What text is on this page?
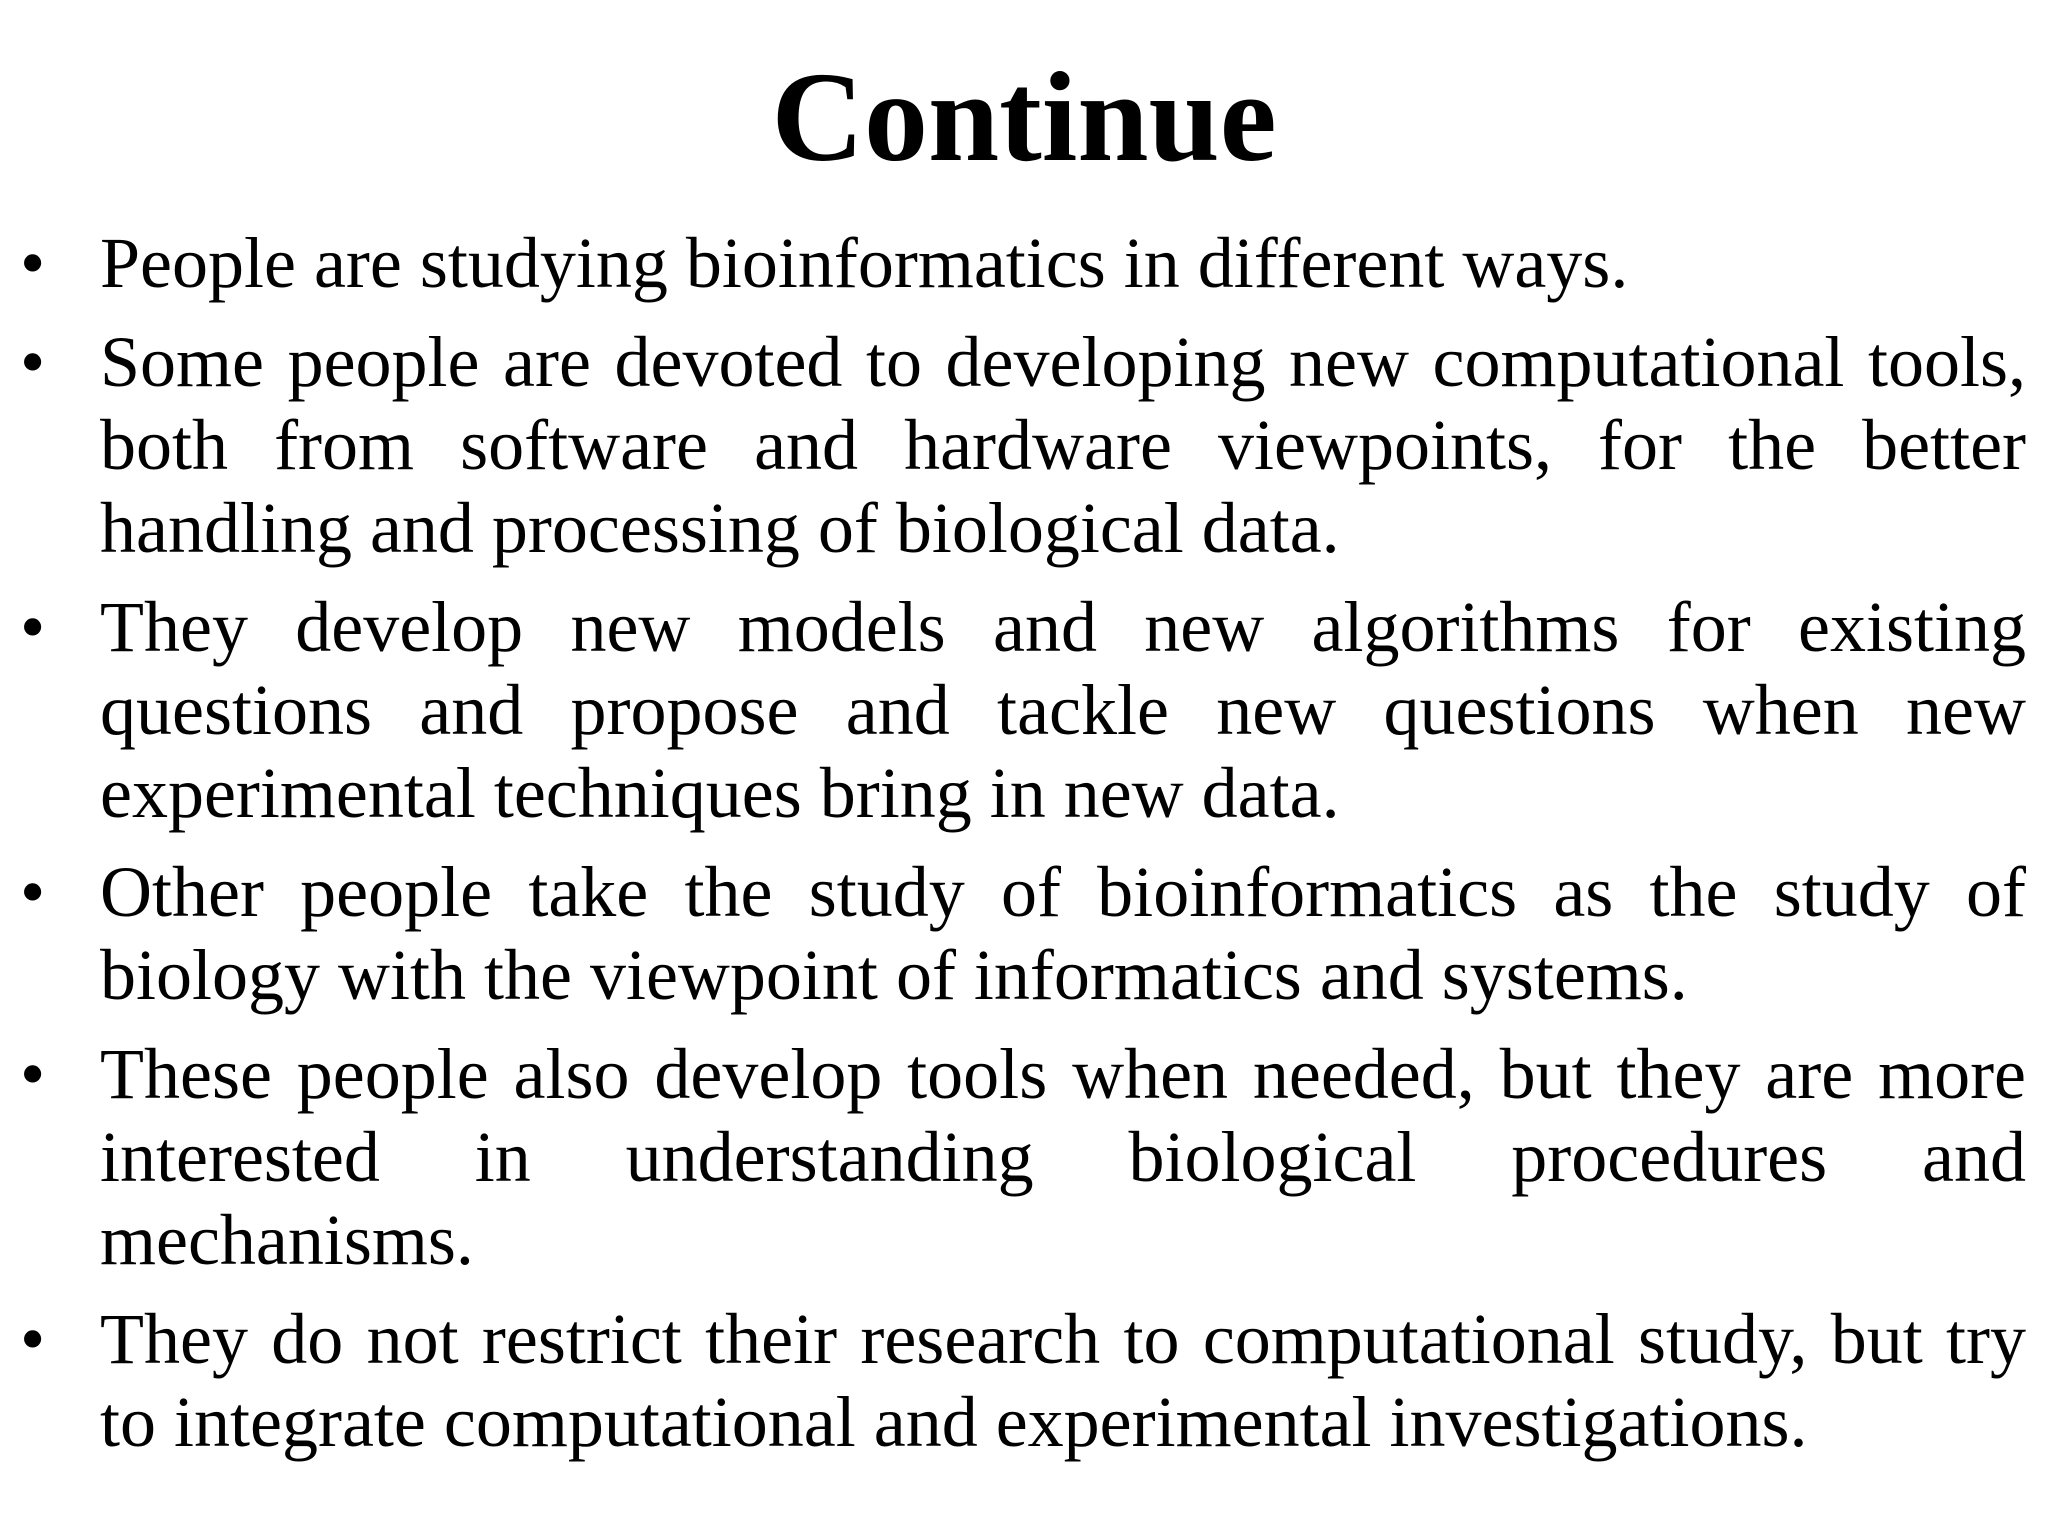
Continue
• People are studying bioinformatics in different ways.
• Some people are devoted to developing new computational tools, both from software and hardware viewpoints, for the better handling and processing of biological data.
• They develop new models and new algorithms for existing questions and propose and tackle new questions when new experimental techniques bring in new data.
• Other people take the study of bioinformatics as the study of biology with the viewpoint of informatics and systems.
• These people also develop tools when needed, but they are more interested in understanding biological procedures and mechanisms.
• They do not restrict their research to computational study, but try to integrate computational and experimental investigations.
